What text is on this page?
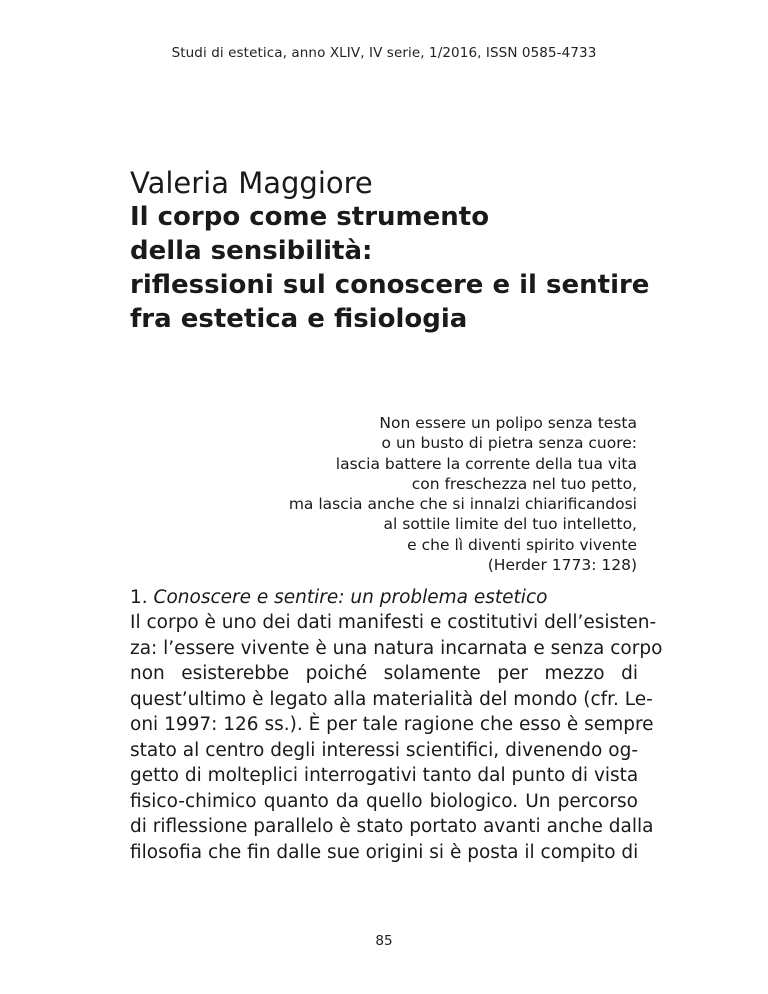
Studi di estetica, anno XLIV, IV serie, 1/2016, ISSN 0585-4733
Valeria Maggiore
Il corpo come strumento
della sensibilità:
riflessioni sul conoscere e il sentire
fra estetica e fisiologia
Non essere un polipo senza testa
o un busto di pietra senza cuore:
lascia battere la corrente della tua vita
con freschezza nel tuo petto,
ma lascia anche che si innalzi chiarificandosi
al sottile limite del tuo intelletto,
e che lì diventi spirito vivente
(Herder 1773: 128)
1. Conoscere e sentire: un problema estetico
Il corpo è uno dei dati manifesti e costitutivi dell’esisten-
za: l’essere vivente è una natura incarnata e senza corpo
non esisterebbe poiché solamente per mezzo di
quest’ultimo è legato alla materialità del mondo (cfr. Le-
oni 1997: 126 ss.). È per tale ragione che esso è sempre
stato al centro degli interessi scientifici, divenendo og-
getto di molteplici interrogativi tanto dal punto di vista
fisico-chimico quanto da quello biologico. Un percorso
di riflessione parallelo è stato portato avanti anche dalla
filosofia che fin dalle sue origini si è posta il compito di
85
